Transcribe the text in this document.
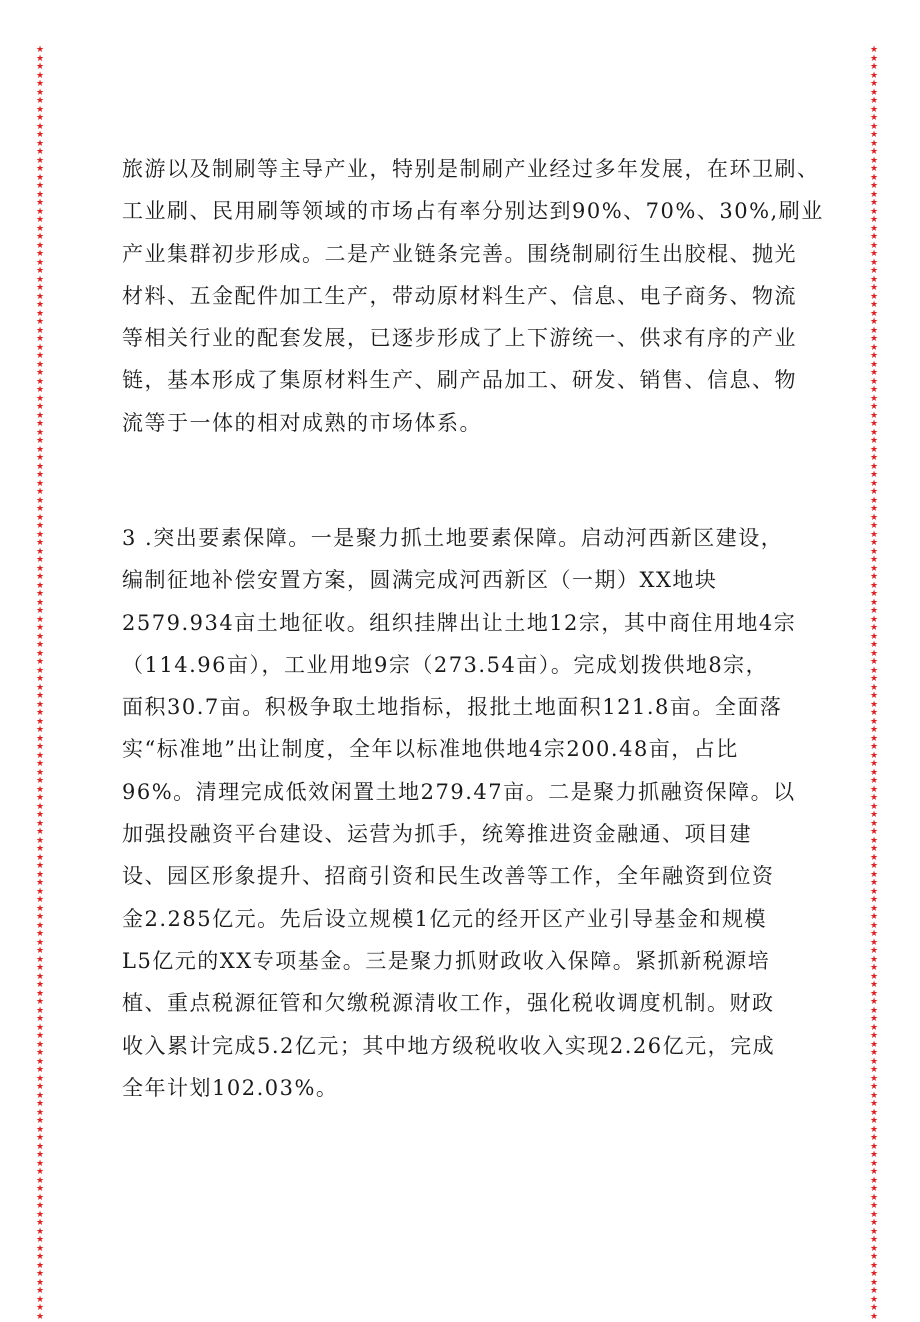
★
★
★
★
★
★
★
★
★
★
★
★
★
★
★
★
★
★
★
★
★
★
★
★
★
★
★
★
★
★
★
★
★
★
★
★
★
★
★
★
★
★
★
★
★
★
★
★
★
★
★
★
★
★
★
★
★
★
★
★
★
★
★
★
★
★
★
★
★
★
★
★
★
★
★
★
★
★
★
★
★
★
★
★
★
★
★
★
★
★
★
★
★
★
★
★
★
★
★
★
★
★
★
★
★
★
★
★
★
★
★
★
★
★
★
★
★
★
★
★
★
★
★
★
★
★
★
★
★
★
★
★
★
★
★
★
★
★
★
★
★
★
★
★
★
★
★
★
★
★
★
★
★
★
★
★
★
★
★
★
★
★
★
★
★
★
★
★
★
★
★
★
★
★
★
★
★
★
★
★
★
★
★
★
★
★
★
★
★
★
★
★
★
★
★
★
★
★
★
★
★
★
★
★
★
★
★
★
★
★
★
★
★
★
★
★
★
★
★
★
★
★
★
★
★
★
★
★
★
★
★
★
★
★
★
★
★
★
★
★
★
★
★
★
★
★
★
★
★
★
★
★
★
★
★
★
★
★
★
★
★
★
★
★
★
★
★
★
★
★
★
★
★
★
★
★
★
★
★
★
★
★
★
★
★
★
★
★
★
★
★
★
★
★
★
★
★
★
★
★
旅游以及制刷等主导产业，特别是制刷产业经过多年发展，在环卫刷、
工业刷、民用刷等领域的市场占有率分别达到90%、70%、30%,刷业
产业集群初步形成。二是产业链条完善。围绕制刷衍生出胶棍、抛光
材料、五金配件加工生产，带动原材料生产、信息、电子商务、物流
等相关行业的配套发展，已逐步形成了上下游统一、供求有序的产业
链，基本形成了集原材料生产、刷产品加工、研发、销售、信息、物
流等于一体的相对成熟的市场体系。
3 .突出要素保障。一是聚力抓土地要素保障。启动河西新区建设，
编制征地补偿安置方案，圆满完成河西新区（一期）XX地块
2579.934亩土地征收。组织挂牌出让土地12宗，其中商住用地4宗
（114.96亩），工业用地9宗（273.54亩）。完成划拨供地8宗，
面积30.7亩。积极争取土地指标，报批土地面积121.8亩。全面落
实“标准地”出让制度，全年以标准地供地4宗200.48亩，占比
96%。清理完成低效闲置土地279.47亩。二是聚力抓融资保障。以
加强投融资平台建设、运营为抓手，统筹推进资金融通、项目建
设、园区形象提升、招商引资和民生改善等工作，全年融资到位资
金2.285亿元。先后设立规模1亿元的经开区产业引导基金和规模
L5亿元的XX专项基金。三是聚力抓财政收入保障。紧抓新税源培
植、重点税源征管和欠缴税源清收工作，强化税收调度机制。财政
收入累计完成5.2亿元；其中地方级税收收入实现2.26亿元，完成
全年计划102.03%。
